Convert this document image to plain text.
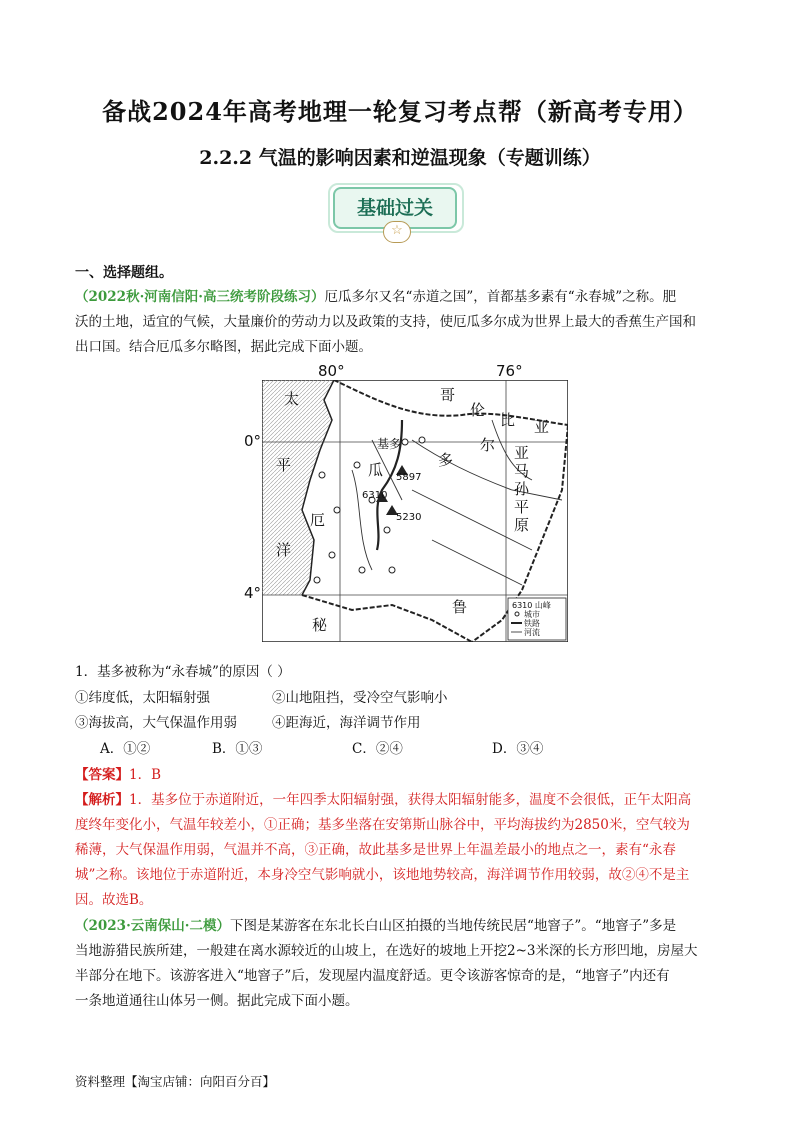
备战2024年高考地理一轮复习考点帮（新高考专用）
2.2.2 气温的影响因素和逆温现象（专题训练）
基础过关
☆
一、选择题组。
（2022秋·河南信阳·高三统考阶段练习）厄瓜多尔又名“赤道之国”，首都基多素有“永春城”之称。肥
沃的土地，适宜的气候，大量廉价的劳动力以及政策的支持，使厄瓜多尔成为世界上最大的香蕉生产国和
出口国。结合厄瓜多尔略图，据此完成下面小题。
太
平
洋
厄
瓜
多
尔
哥
伦
比 亚
亚
马
孙
平
原
鲁
秘
基多
5897
6310
5230
6310 山峰
城市
铁路
河流
80°	76°
0°
4°
1．基多被称为“永春城”的原因（ ）
①纬度低，太阳辐射强	②山地阻挡，受冷空气影响小
③海拔高，大气保温作用弱	④距海近，海洋调节作用
A．①②	B．①③	C．②④	D．③④
【答案】1．B
【解析】1．基多位于赤道附近，一年四季太阳辐射强，获得太阳辐射能多，温度不会很低，正午太阳高
度终年变化小，气温年较差小，①正确；基多坐落在安第斯山脉谷中，平均海拔约为2850米，空气较为
稀薄，大气保温作用弱，气温并不高，③正确，故此基多是世界上年温差最小的地点之一，素有“永春
城”之称。该地位于赤道附近，本身冷空气影响就小，该地地势较高，海洋调节作用较弱，故②④不是主
因。故选B。
（2023·云南保山·二模）下图是某游客在东北长白山区拍摄的当地传统民居“地窨子”。“地窨子”多是
当地游猎民族所建，一般建在离水源较近的山坡上，在选好的坡地上开挖2~3米深的长方形凹地，房屋大
半部分在地下。该游客进入“地窨子”后，发现屋内温度舒适。更令该游客惊奇的是，“地窨子”内还有
一条地道通往山体另一侧。据此完成下面小题。
资料整理【淘宝店铺：向阳百分百】
